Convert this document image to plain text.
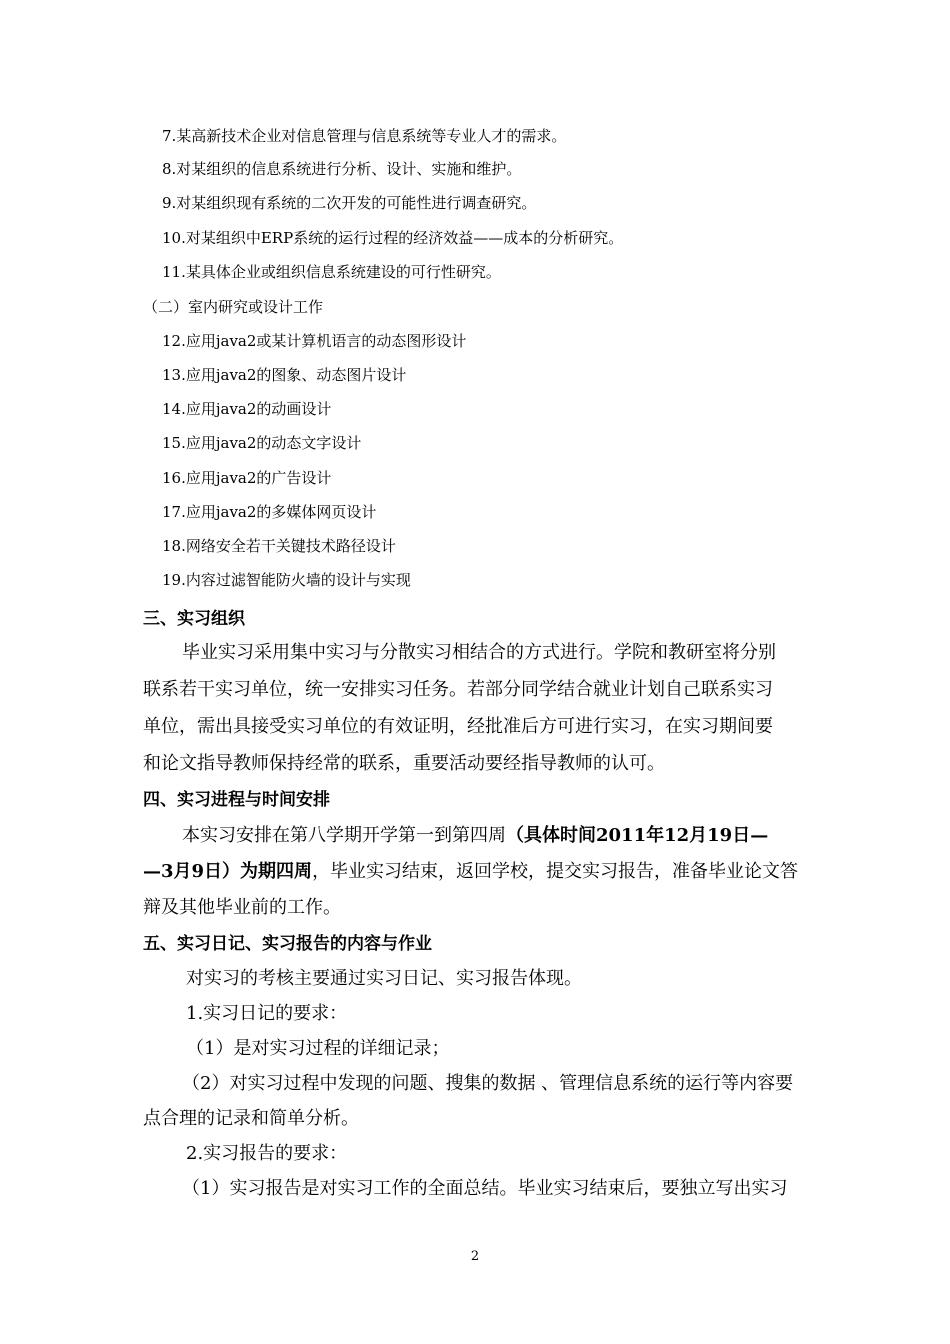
7.某高新技术企业对信息管理与信息系统等专业人才的需求。
8.对某组织的信息系统进行分析、设计、实施和维护。
9.对某组织现有系统的二次开发的可能性进行调查研究。
10.对某组织中ERP系统的运行过程的经济效益——成本的分析研究。
11.某具体企业或组织信息系统建设的可行性研究。
（二）室内研究或设计工作
12.应用java2或某计算机语言的动态图形设计
13.应用java2的图象、动态图片设计
14.应用java2的动画设计
15.应用java2的动态文字设计
16.应用java2的广告设计
17.应用java2的多媒体网页设计
18.网络安全若干关键技术路径设计
19.内容过滤智能防火墙的设计与实现
三、实习组织
毕业实习采用集中实习与分散实习相结合的方式进行。学院和教研室将分别
联系若干实习单位，统一安排实习任务。若部分同学结合就业计划自己联系实习
单位，需出具接受实习单位的有效证明，经批准后方可进行实习，在实习期间要
和论文指导教师保持经常的联系，重要活动要经指导教师的认可。
四、实习进程与时间安排
本实习安排在第八学期开学第一到第四周（具体时间2011年12月19日—
—3月9日）为期四周，毕业实习结束，返回学校，提交实习报告，准备毕业论文答
辩及其他毕业前的工作。
五、实习日记、实习报告的内容与作业
对实习的考核主要通过实习日记、实习报告体现。
1.实习日记的要求：
（1）是对实习过程的详细记录；
（2）对实习过程中发现的问题、搜集的数据 、管理信息系统的运行等内容要
点合理的记录和简单分析。
2.实习报告的要求：
（1）实习报告是对实习工作的全面总结。毕业实习结束后，要独立写出实习
2
